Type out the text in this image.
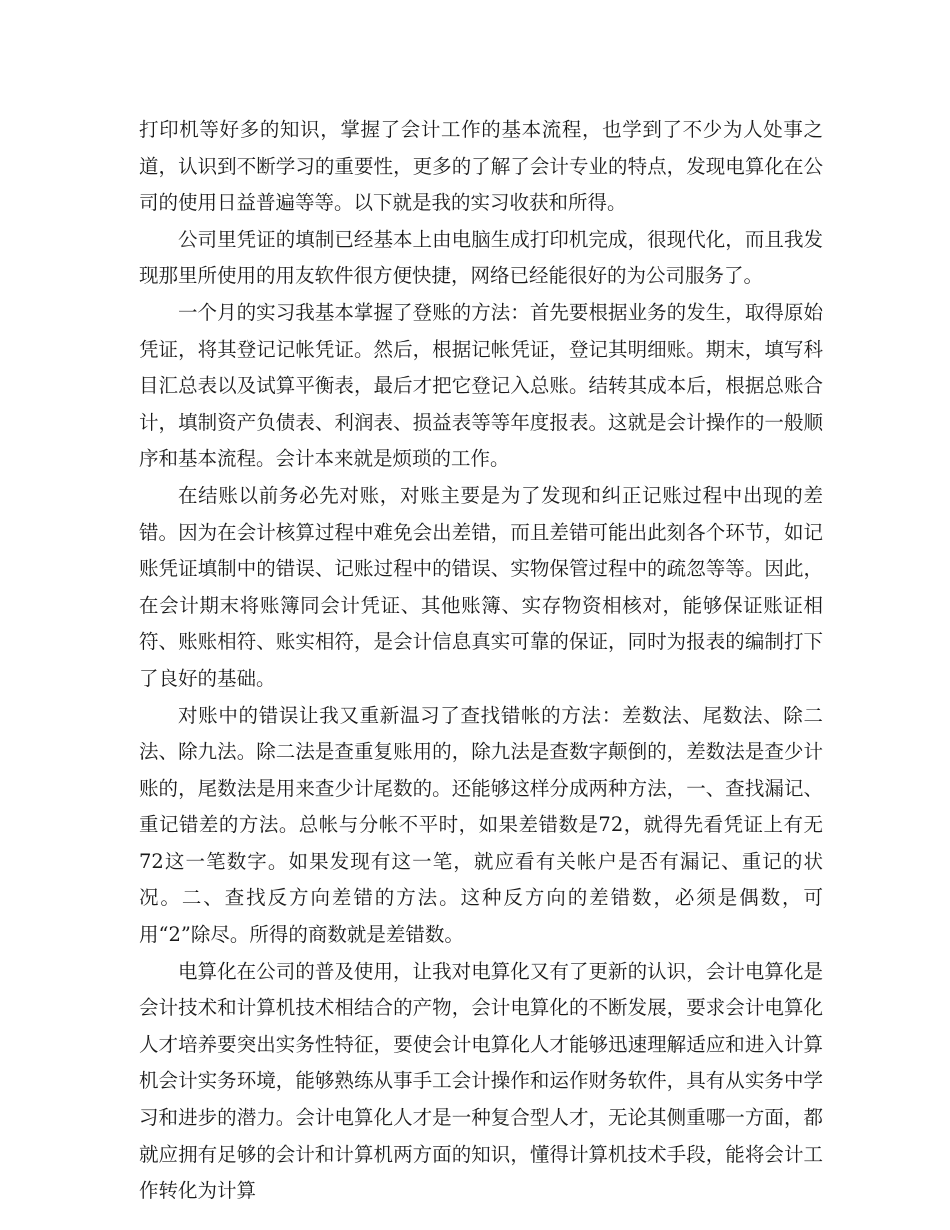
打印机等好多的知识，掌握了会计工作的基本流程，也学到了不少为人处事之道，认识到不断学习的重要性，更多的了解了会计专业的特点，发现电算化在公司的使用日益普遍等等。以下就是我的实习收获和所得。

公司里凭证的填制已经基本上由电脑生成打印机完成，很现代化，而且我发现那里所使用的用友软件很方便快捷，网络已经能很好的为公司服务了。

一个月的实习我基本掌握了登账的方法：首先要根据业务的发生，取得原始凭证，将其登记记帐凭证。然后，根据记帐凭证，登记其明细账。期末，填写科目汇总表以及试算平衡表，最后才把它登记入总账。结转其成本后，根据总账合计，填制资产负债表、利润表、损益表等等年度报表。这就是会计操作的一般顺序和基本流程。会计本来就是烦琐的工作。

在结账以前务必先对账，对账主要是为了发现和纠正记账过程中出现的差错。因为在会计核算过程中难免会出差错，而且差错可能出此刻各个环节，如记账凭证填制中的错误、记账过程中的错误、实物保管过程中的疏忽等等。因此，在会计期末将账簿同会计凭证、其他账簿、实存物资相核对，能够保证账证相符、账账相符、账实相符，是会计信息真实可靠的保证，同时为报表的编制打下了良好的基础。

对账中的错误让我又重新温习了查找错帐的方法：差数法、尾数法、除二法、除九法。除二法是查重复账用的，除九法是查数字颠倒的，差数法是查少计账的，尾数法是用来查少计尾数的。还能够这样分成两种方法，一、查找漏记、重记错差的方法。总帐与分帐不平时，如果差错数是72，就得先看凭证上有无72这一笔数字。如果发现有这一笔，就应看有关帐户是否有漏记、重记的状况。二、查找反方向差错的方法。这种反方向的差错数，必须是偶数，可用“2”除尽。所得的商数就是差错数。

电算化在公司的普及使用，让我对电算化又有了更新的认识，会计电算化是会计技术和计算机技术相结合的产物，会计电算化的不断发展，要求会计电算化人才培养要突出实务性特征，要使会计电算化人才能够迅速理解适应和进入计算机会计实务环境，能够熟练从事手工会计操作和运作财务软件，具有从实务中学习和进步的潜力。会计电算化人才是一种复合型人才，无论其侧重哪一方面，都就应拥有足够的会计和计算机两方面的知识，懂得计算机技术手段，能将会计工作转化为计算
